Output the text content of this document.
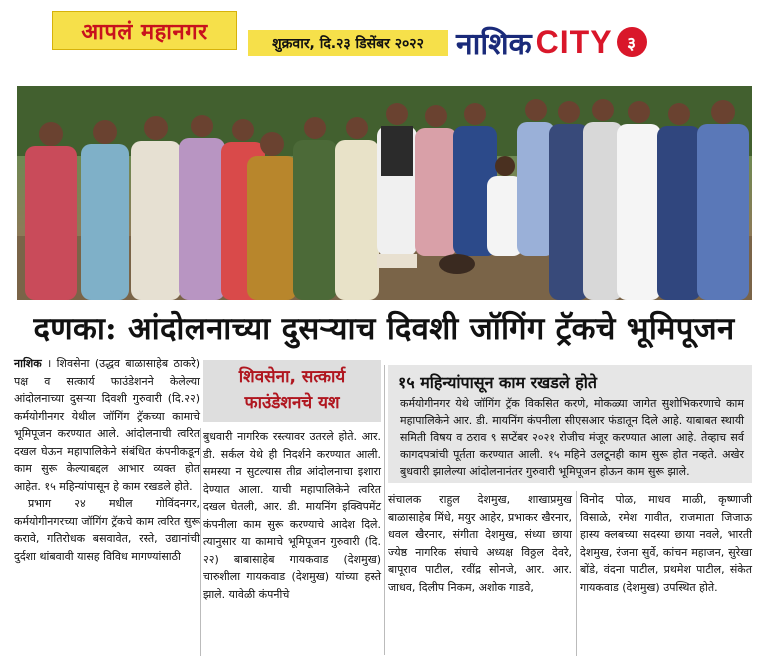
आपलं महानगर	शुक्रवार, दि.२३ डिसेंबर २०२२	नाशिक CITY ३
दणका: आंदोलनाच्या दुसऱ्याच दिवशी जॉगिंग ट्रॅकचे भूमिपूजन
नाशिक । शिवसेना (उद्धव बाळासाहेब ठाकरे) पक्ष व सत्कार्य फाउंडेशनने केलेल्या आंदोलनाच्या दुसऱ्या दिवशी गुरुवारी (दि.२२) कर्मयोगीनगर येथील जॉगिंग ट्रॅकच्या कामाचे भूमिपूजन करण्यात आले. आंदोलनाची त्वरित दखल घेऊन महापालिकेने संबंधित कंपनीकडून काम सुरू केल्याबद्दल आभार व्यक्त होत आहेत. १५ महिन्यांपासून हे काम रखडले होते.
प्रभाग २४ मधील गोविंदनगर, कर्मयोगीनगरच्या जॉगिंग ट्रॅकचे काम त्वरित सुरू करावे, गतिरोधक बसवावेत, रस्ते, उद्यानांची दुर्दशा थांबवावी यासह विविध मागण्यांसाठी
शिवसेना, सत्कार्य फाउंडेशनचे यश
बुधवारी नागरिक रस्त्यावर उतरले होते. आर. डी. सर्कल येथे ही निदर्शने करण्यात आली. समस्या न सुटल्यास तीव्र आंदोलनाचा इशारा देण्यात आला. याची महापालिकेने त्वरित दखल घेतली, आर. डी. मायनिंग इक्विपमेंट कंपनीला काम सुरू करण्याचे आदेश दिले. त्यानुसार या कामाचे भूमिपूजन गुरुवारी (दि. २२) बाबासाहेब गायकवाड (देशमुख) चारुशीला गायकवाड (देशमुख) यांच्या हस्ते झाले. यावेळी कंपनीचे
१५ महिन्यांपासून काम रखडले होते
कर्मयोगीनगर येथे जॉगिंग ट्रॅक विकसित करणे, मोकळ्या जागेत सुशोभिकरणाचे काम महापालिकेने आर. डी. मायनिंग कंपनीला सीएसआर फंडातून दिले आहे. याबाबत स्थायी समिती विषय व ठराव ९ सप्टेंबर २०२१ रोजीच मंजूर करण्यात आला आहे. तेव्हाच सर्व कागदपत्रांची पूर्तता करण्यात आली. १५ महिने उलटूनही काम सुरू होत नव्हते. अखेर बुधवारी झालेल्या आंदोलनानंतर गुरुवारी भूमिपूजन होऊन काम सुरू झाले.
संचालक राहुल देशमुख, शाखाप्रमुख बाळासाहेब मिंधे, मयुर आहेर, प्रभाकर खैरनार, धवल खैरनार, संगीता देशमुख, संध्या छाया ज्येष्ठ नागरिक संघाचे अध्यक्ष विठ्ठल देवरे, बापूराव पाटील, रवींद्र सोनजे, आर. आर. जाधव, दिलीप निकम, अशोक गाडवे,
विनोद पोळ, माधव माळी, कृष्णाजी विसाळे, रमेश गावीत, राजमाता जिजाऊ हास्य क्लबच्या सदस्या छाया नवले, भारती देशमुख, रंजना सुर्वे, कांचन महाजन, सुरेखा बोंडे, वंदना पाटील, प्रथमेश पाटील, संकेत गायकवाड (देशमुख) उपस्थित होते.
